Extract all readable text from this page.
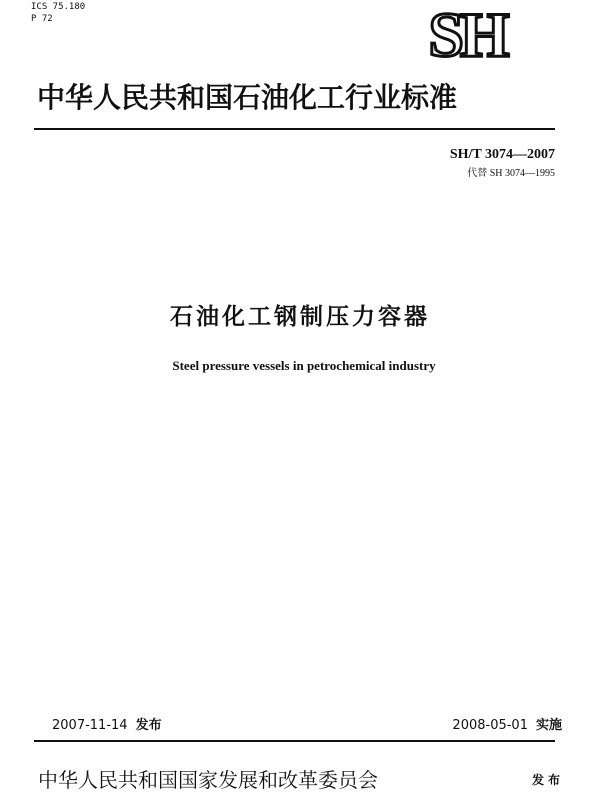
ICS 75.180
P 72	SH
中华人民共和国石油化工行业标准
SH/T 3074—2007
代替 SH 3074—1995
石油化工钢制压力容器
Steel pressure vessels in petrochemical industry
2007-11-14 发布	2008-05-01 实施
中华人民共和国国家发展和改革委员会	发布
